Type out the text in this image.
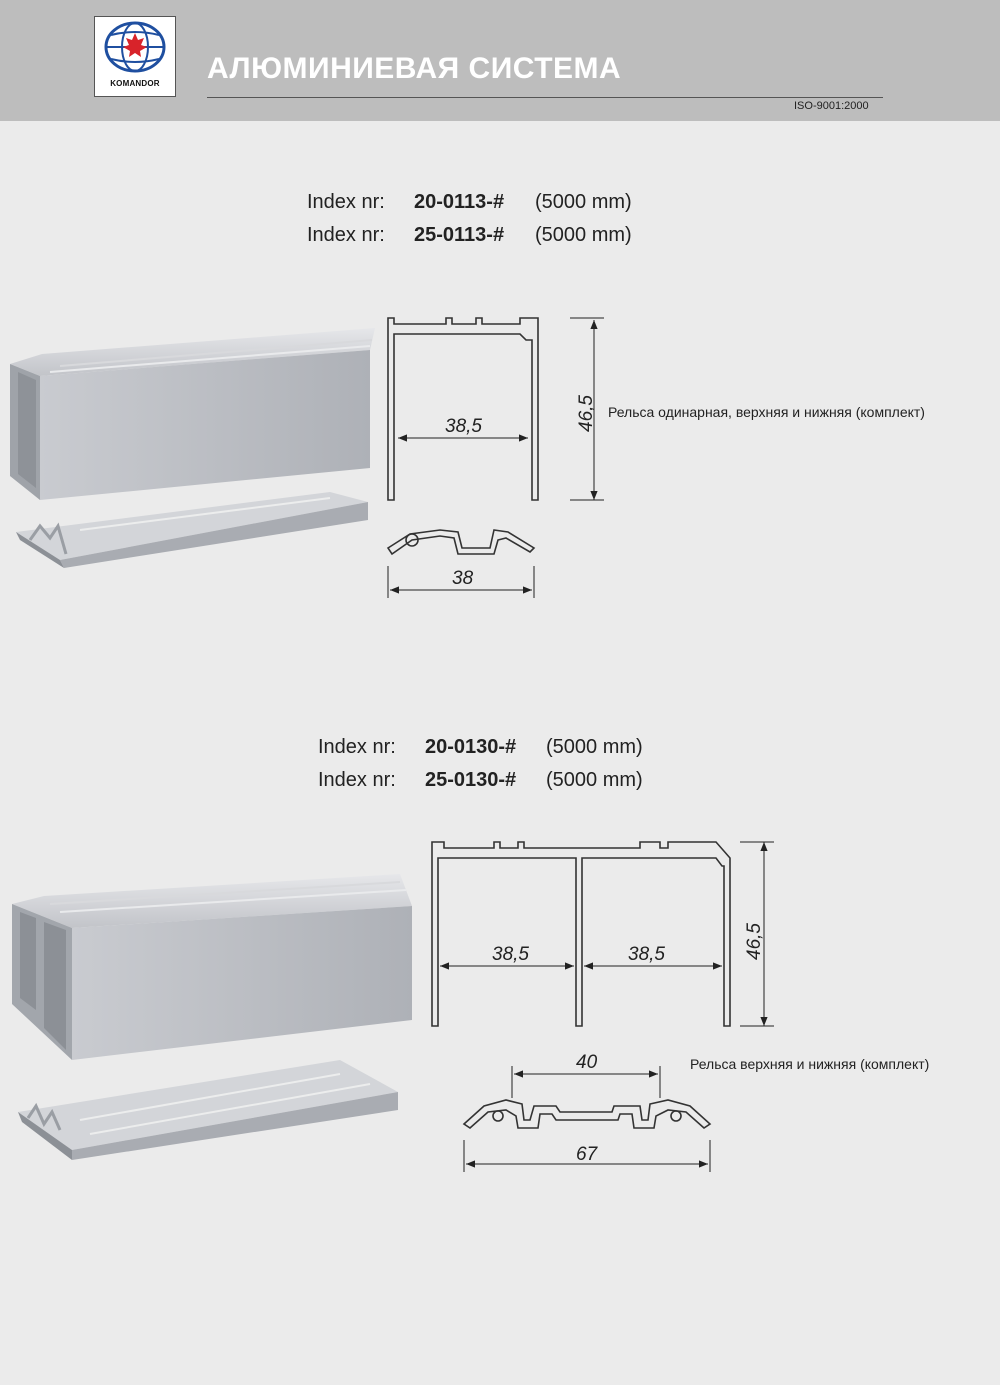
KOMANDOR	АЛЮМИНИЕВАЯ СИСТЕМА
ISO-9001:2000
Index nr: 20-0113-# (5000 mm)
Index nr: 25-0113-# (5000 mm)
Index nr: 20-0130-# (5000 mm)
Index nr: 25-0130-# (5000 mm)
Рельса одинарная, верхняя и нижняя (комплект)
Рельса верхняя и нижняя (комплект)
38,5	46,5
38
38,5	38,5	46,5
40
67
